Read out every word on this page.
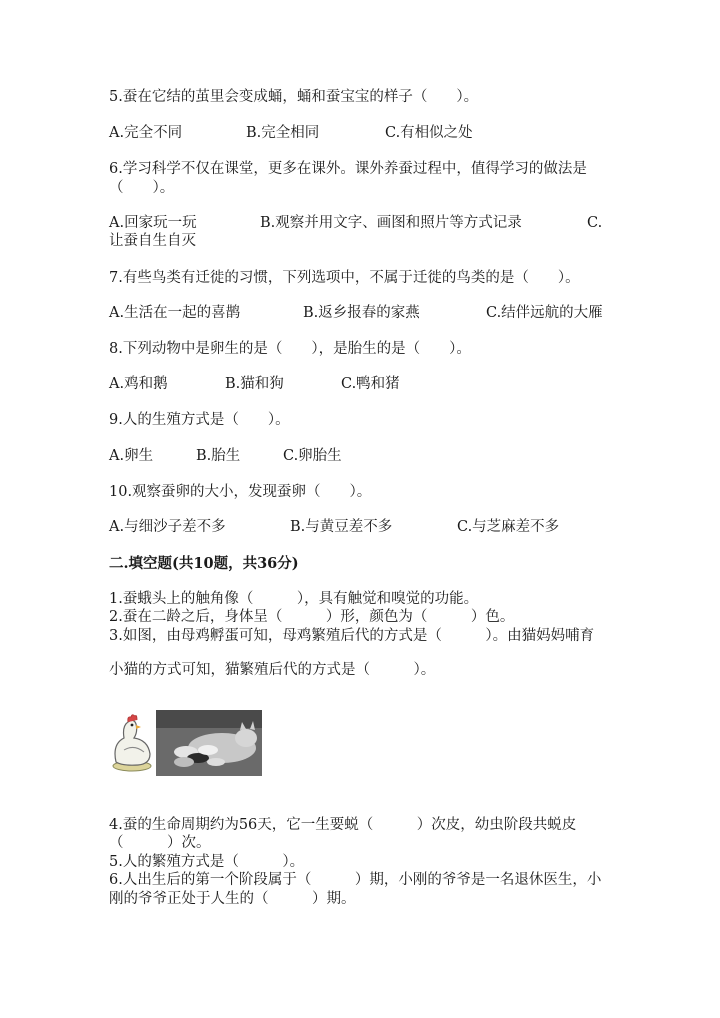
5.蚕在它结的茧里会变成蛹，蛹和蚕宝宝的样子（　　）。
A.完全不同	B.完全相同	C.有相似之处
6.学习科学不仅在课堂，更多在课外。课外养蚕过程中，值得学习的做法是
（　　）。
A.回家玩一玩	B.观察并用文字、画图和照片等方式记录	C.
让蚕自生自灭
7.有些鸟类有迁徙的习惯，下列选项中，不属于迁徙的鸟类的是（　　）。
A.生活在一起的喜鹊	B.返乡报春的家燕	C.结伴远航的大雁
8.下列动物中是卵生的是（　　），是胎生的是（　　）。
A.鸡和鹅	B.猫和狗	C.鸭和猪
9.人的生殖方式是（　　）。
A.卵生	B.胎生	C.卵胎生
10.观察蚕卵的大小，发现蚕卵（　　）。
A.与细沙子差不多	B.与黄豆差不多	C.与芝麻差不多
二.填空题(共10题，共36分)
1.蚕蛾头上的触角像（　　　），具有触觉和嗅觉的功能。
2.蚕在二龄之后，身体呈（　　　）形，颜色为（　　　）色。
3.如图，由母鸡孵蛋可知，母鸡繁殖后代的方式是（　　　）。由猫妈妈哺育
小猫的方式可知，猫繁殖后代的方式是（　　　）。
4.蚕的生命周期约为56天，它一生要蜕（　　　）次皮，幼虫阶段共蜕皮
（　　　）次。
5.人的繁殖方式是（　　　）。
6.人出生后的第一个阶段属于（　　　）期，小刚的爷爷是一名退休医生，小
刚的爷爷正处于人生的（　　　）期。
